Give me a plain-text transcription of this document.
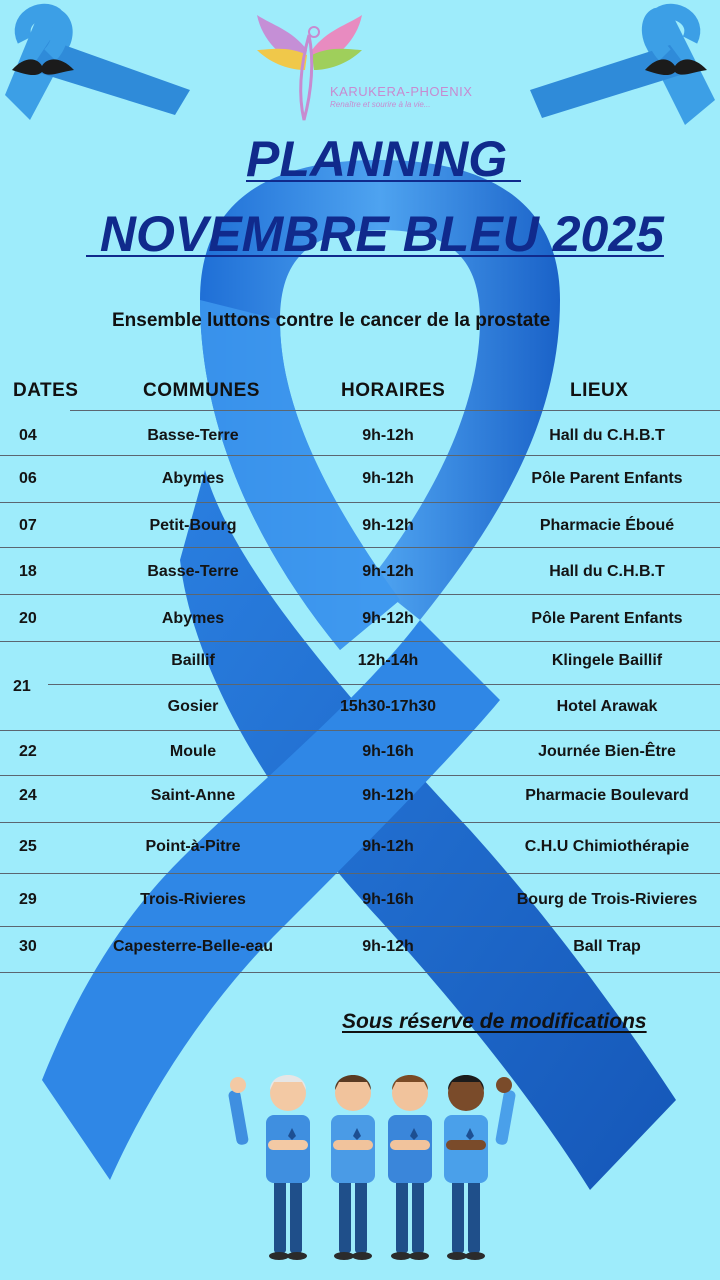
KARUKERA-PHOENIX
Renaître et sourire à la vie...
PLANNING
NOVEMBRE BLEU 2025
Ensemble luttons contre le cancer de la prostate
DATES	COMMUNES	HORAIRES	LIEUX
04	Basse-Terre	9h-12h	Hall du C.H.B.T
06	Abymes	9h-12h	Pôle Parent Enfants
07	Petit-Bourg	9h-12h	Pharmacie Éboué
18	Basse-Terre	9h-12h	Hall du C.H.B.T
20	Abymes	9h-12h	Pôle Parent Enfants
21
Baillif	12h-14h	Klingele Baillif
Gosier	15h30-17h30	Hotel Arawak
22	Moule	9h-16h	Journée Bien-Être
24	Saint-Anne	9h-12h	Pharmacie Boulevard
25	Point-à-Pitre	9h-12h	C.H.U Chimiothérapie
29	Trois-Rivieres	9h-16h	Bourg de Trois-Rivieres
30	Capesterre-Belle-eau	9h-12h	Ball Trap
Sous réserve de modifications
